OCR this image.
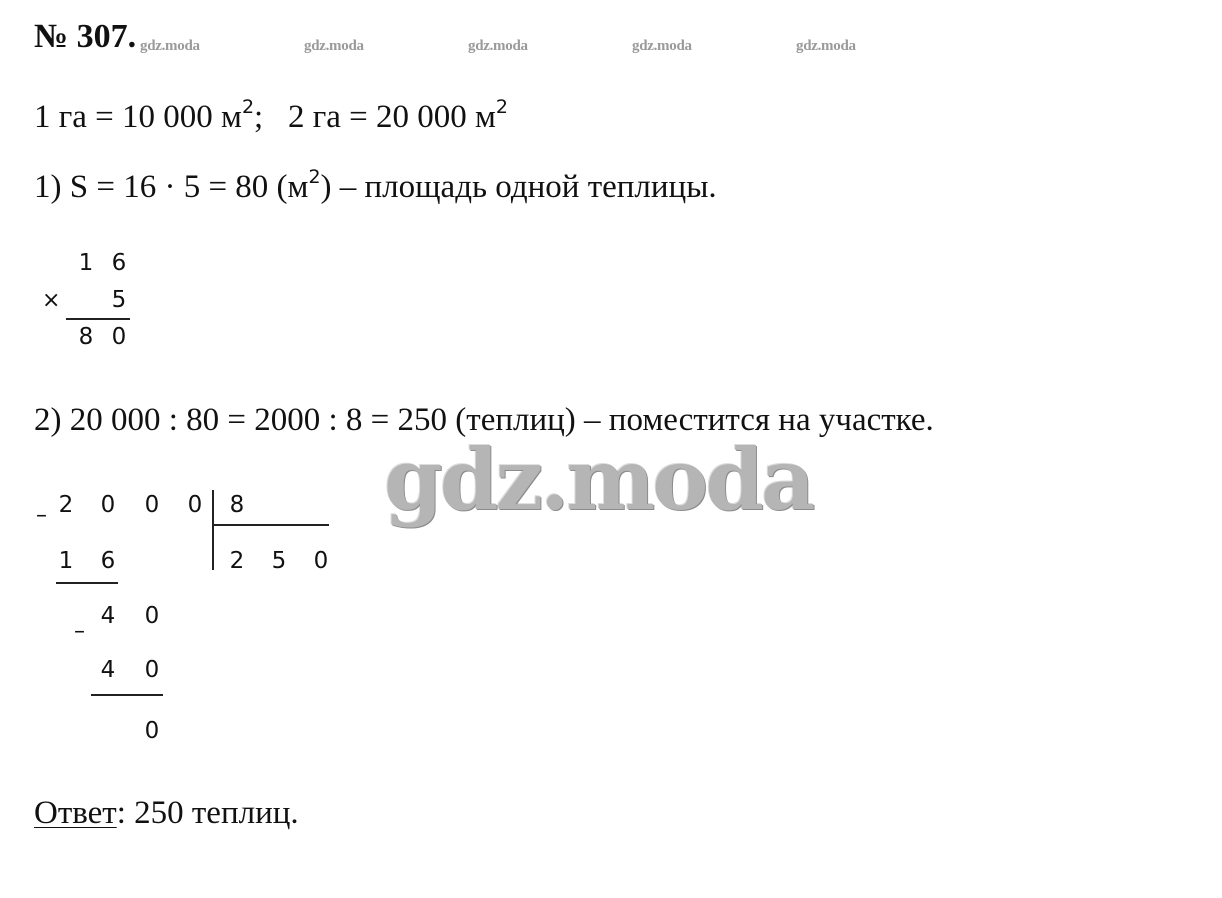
№ 307. gdz.moda	gdz.moda	gdz.moda	gdz.moda	gdz.moda
1 га = 10 000 $м^2$;   2 га = 20 000 $м^2$
1) S = 16 · 5 = 80 $(м^2)$ – площадь одной теплицы.
1 6
× 5
8 0
2) 20 000 : 80 = 2000 : 8 = 250 (теплиц) – поместится на участке.
– 2 0 0 0 8
2 5 0
1 6
–
4 0
4 0
0
gdz.moda
Ответ: 250 теплиц.
